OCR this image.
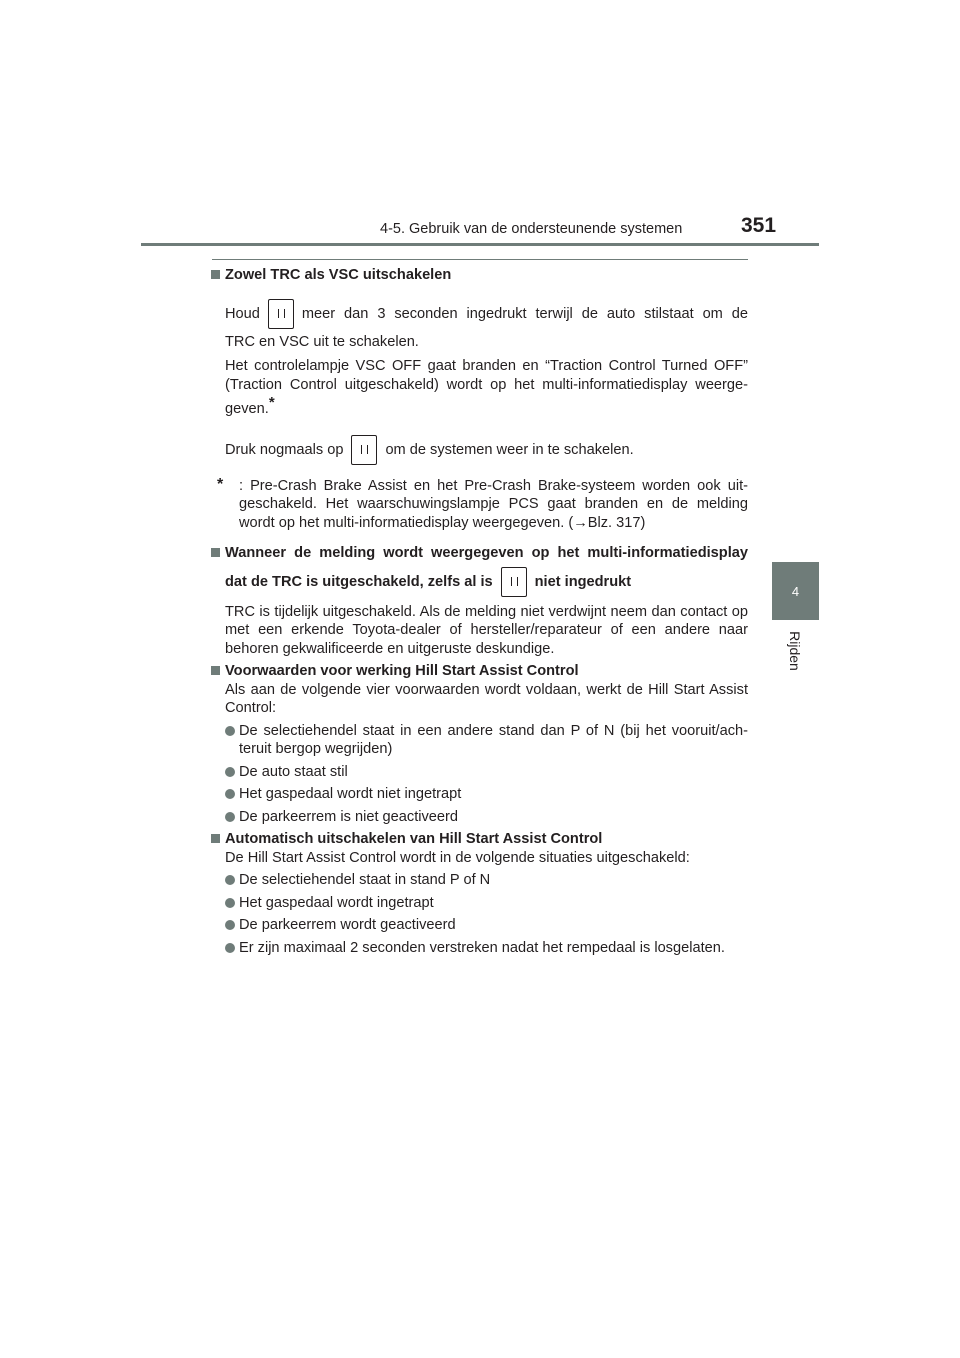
4-5. Gebruik van de ondersteunende systemen	351
4
Rijden

Zowel TRC als VSC uitschakelen

Houd	meer dan 3 seconden ingedrukt terwijl de auto stilstaat om de

TRC en VSC uit te schakelen.

Het controlelampje VSC OFF gaat branden en “Traction Control Turned OFF” (Traction Control uitgeschakeld) wordt op het multi-informatiedisplay weerge-geven.*

Druk nogmaals op	om de systemen weer in te schakelen.

* : Pre-Crash Brake Assist en het Pre-Crash Brake-systeem worden ook uit-geschakeld. Het waarschuwingslampje PCS gaat branden en de melding wordt op het multi-informatiedisplay weergegeven. (→Blz. 317)

Wanneer de melding wordt weergegeven op het multi-informatiedisplay

dat de TRC is uitgeschakeld, zelfs al is	niet ingedrukt

TRC is tijdelijk uitgeschakeld. Als de melding niet verdwijnt neem dan contact op met een erkende Toyota-dealer of hersteller/reparateur of een andere naar behoren gekwalificeerde en uitgeruste deskundige.

Voorwaarden voor werking Hill Start Assist Control

Als aan de volgende vier voorwaarden wordt voldaan, werkt de Hill Start Assist Control:

De selectiehendel staat in een andere stand dan P of N (bij het vooruit/ach-teruit bergop wegrijden)

De auto staat stil

Het gaspedaal wordt niet ingetrapt

De parkeerrem is niet geactiveerd

Automatisch uitschakelen van Hill Start Assist Control

De Hill Start Assist Control wordt in de volgende situaties uitgeschakeld:

De selectiehendel staat in stand P of N

Het gaspedaal wordt ingetrapt

De parkeerrem wordt geactiveerd

Er zijn maximaal 2 seconden verstreken nadat het rempedaal is losgelaten.
